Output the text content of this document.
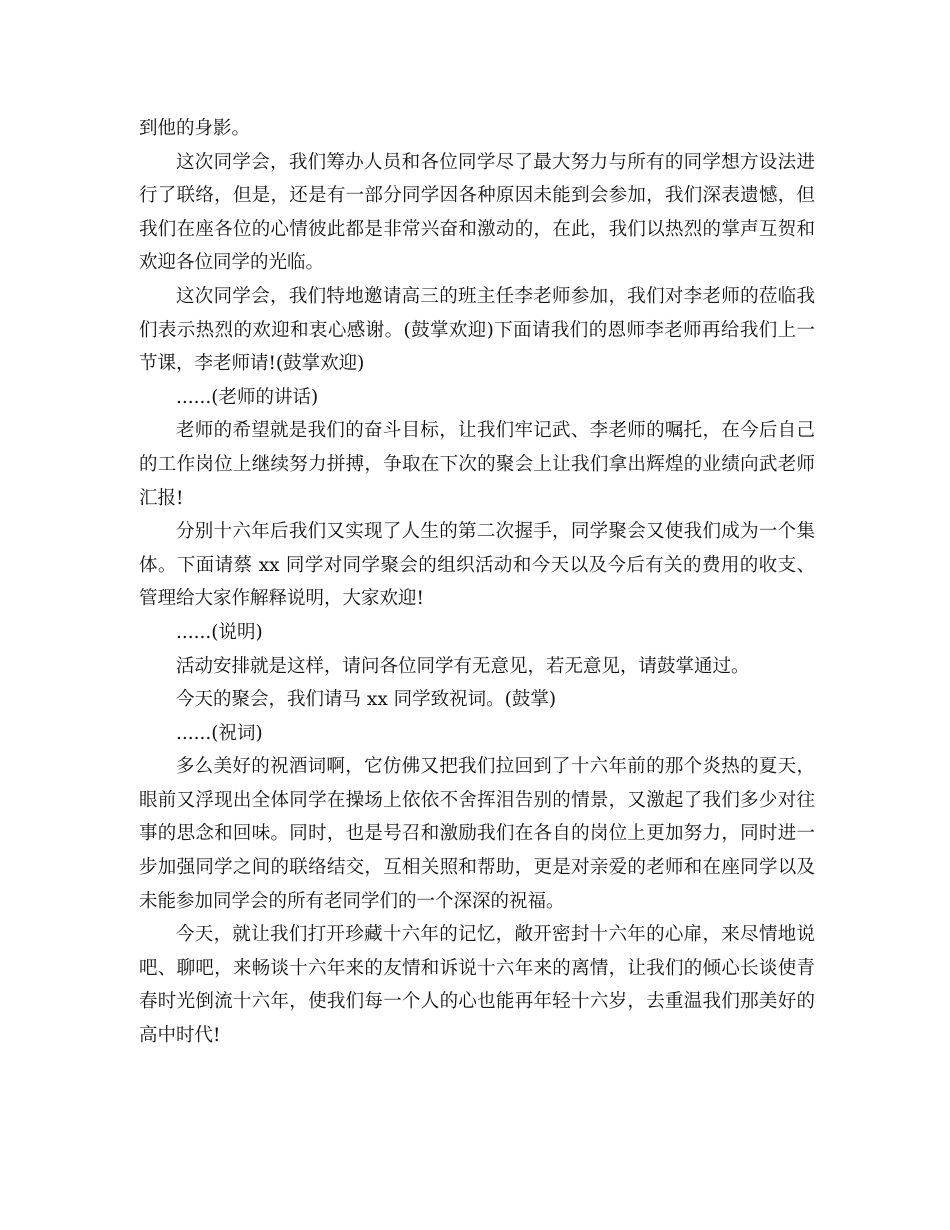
到他的身影。

这次同学会，我们筹办人员和各位同学尽了最大努力与所有的同学想方设法进行了联络，但是，还是有一部分同学因各种原因未能到会参加，我们深表遗憾，但我们在座各位的心情彼此都是非常兴奋和激动的，在此，我们以热烈的掌声互贺和欢迎各位同学的光临。

这次同学会，我们特地邀请高三的班主任李老师参加，我们对李老师的莅临我们表示热烈的欢迎和衷心感谢。(鼓掌欢迎)下面请我们的恩师李老师再给我们上一节课，李老师请!(鼓掌欢迎)

......(老师的讲话)

老师的希望就是我们的奋斗目标，让我们牢记武、李老师的嘱托，在今后自己的工作岗位上继续努力拼搏，争取在下次的聚会上让我们拿出辉煌的业绩向武老师汇报!

分别十六年后我们又实现了人生的第二次握手，同学聚会又使我们成为一个集体。下面请蔡 xx 同学对同学聚会的组织活动和今天以及今后有关的费用的收支、管理给大家作解释说明，大家欢迎!

......(说明)

活动安排就是这样，请问各位同学有无意见，若无意见，请鼓掌通过。

今天的聚会，我们请马 xx 同学致祝词。(鼓掌)

......(祝词)

多么美好的祝酒词啊，它仿佛又把我们拉回到了十六年前的那个炎热的夏天，眼前又浮现出全体同学在操场上依依不舍挥泪告别的情景，又激起了我们多少对往事的思念和回味。同时，也是号召和激励我们在各自的岗位上更加努力，同时进一步加强同学之间的联络结交，互相关照和帮助，更是对亲爱的老师和在座同学以及未能参加同学会的所有老同学们的一个深深的祝福。

今天，就让我们打开珍藏十六年的记忆，敞开密封十六年的心扉，来尽情地说吧、聊吧，来畅谈十六年来的友情和诉说十六年来的离情，让我们的倾心长谈使青春时光倒流十六年，使我们每一个人的心也能再年轻十六岁，去重温我们那美好的高中时代!
